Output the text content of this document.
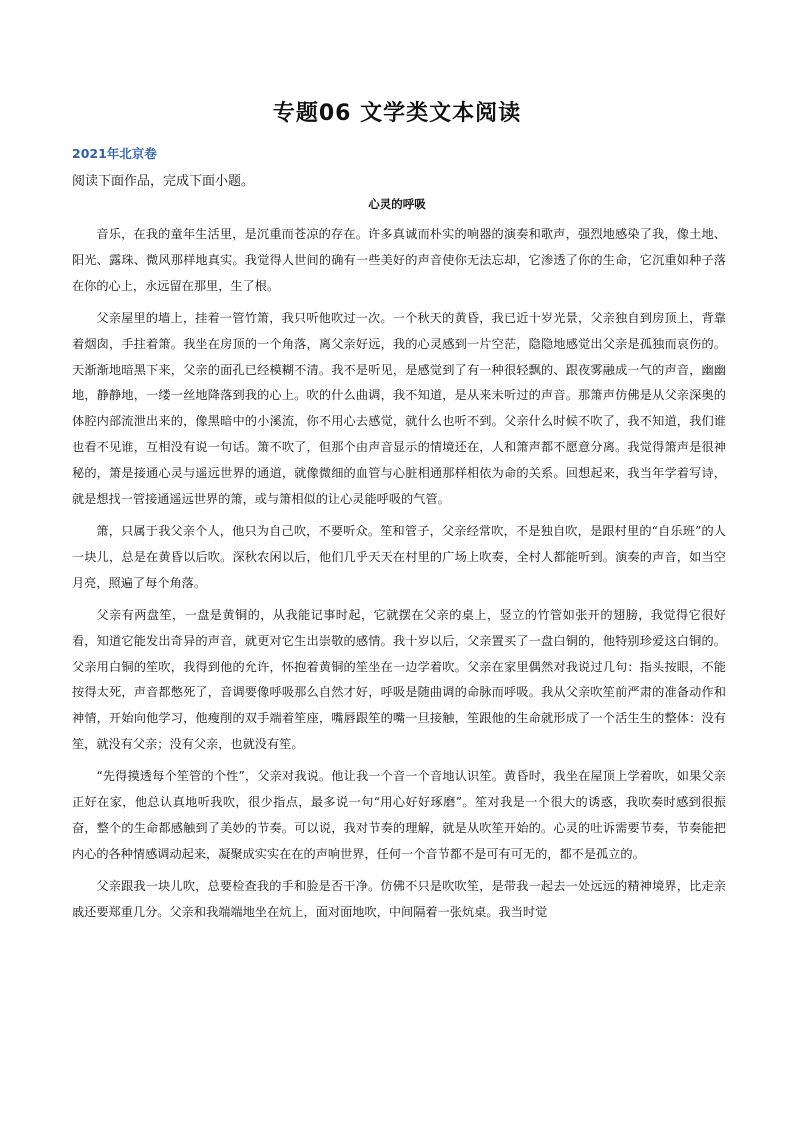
专题06 文学类文本阅读
2021年北京卷
阅读下面作品，完成下面小题。
心灵的呼吸

音乐，在我的童年生活里，是沉重而苍凉的存在。许多真诚而朴实的响器的演奏和歌声，强烈地感染了我，像土地、阳光、露珠、微风那样地真实。我觉得人世间的确有一些美好的声音使你无法忘却，它渗透了你的生命，它沉重如种子落在你的心上，永远留在那里，生了根。

父亲屋里的墙上，挂着一管竹箫，我只听他吹过一次。一个秋天的黄昏，我已近十岁光景，父亲独自到房顶上，背靠着烟囱，手拄着箫。我坐在房顶的一个角落，离父亲好远，我的心灵感到一片空茫，隐隐地感觉出父亲是孤独而哀伤的。天渐渐地暗黑下来，父亲的面孔已经模糊不清。我不是听见，是感觉到了有一种很轻飘的、跟夜雾融成一气的声音，幽幽地，静静地，一缕一丝地降落到我的心上。吹的什么曲调，我不知道，是从来未听过的声音。那箫声仿佛是从父亲深奥的体腔内部流泄出来的，像黑暗中的小溪流，你不用心去感觉，就什么也听不到。父亲什么时候不吹了，我不知道，我们谁也看不见谁，互相没有说一句话。箫不吹了，但那个由声音显示的情境还在，人和箫声都不愿意分离。我觉得箫声是很神秘的，箫是接通心灵与遥远世界的通道，就像微细的血管与心脏相通那样相依为命的关系。回想起来，我当年学着写诗，就是想找一管接通遥远世界的箫，或与箫相似的让心灵能呼吸的气管。

箫，只属于我父亲个人，他只为自己吹，不要听众。笙和管子，父亲经常吹，不是独自吹，是跟村里的“自乐班”的人一块儿，总是在黄昏以后吹。深秋农闲以后，他们几乎天天在村里的广场上吹奏，全村人都能听到。演奏的声音，如当空月亮，照遍了每个角落。

父亲有两盘笙，一盘是黄铜的，从我能记事时起，它就摆在父亲的桌上，竖立的竹管如张开的翅膀，我觉得它很好看，知道它能发出奇异的声音，就更对它生出崇敬的感情。我十岁以后，父亲置买了一盘白铜的，他特别珍爱这白铜的。父亲用白铜的笙吹，我得到他的允许，怀抱着黄铜的笙坐在一边学着吹。父亲在家里偶然对我说过几句：指头按眼，不能按得太死，声音都憋死了，音调要像呼吸那么自然才好，呼吸是随曲调的命脉而呼吸。我从父亲吹笙前严肃的准备动作和神情，开始向他学习，他瘦削的双手端着笙座，嘴唇跟笙的嘴一旦接触，笙跟他的生命就形成了一个活生生的整体：没有笙，就没有父亲；没有父亲，也就没有笙。

“先得摸透每个笙管的个性”，父亲对我说。他让我一个音一个音地认识笙。黄昏时，我坐在屋顶上学着吹，如果父亲正好在家，他总认真地听我吹，很少指点，最多说一句“用心好好琢磨”。笙对我是一个很大的诱惑，我吹奏时感到很振奋，整个的生命都感触到了美妙的节奏。可以说，我对节奏的理解，就是从吹笙开始的。心灵的吐诉需要节奏，节奏能把内心的各种情感调动起来，凝聚成实实在在的声响世界，任何一个音节都不是可有可无的，都不是孤立的。

父亲跟我一块儿吹，总要检查我的手和脸是否干净。仿佛不只是吹吹笙，是带我一起去一处远远的精神境界，比走亲戚还要郑重几分。父亲和我端端地坐在炕上，面对面地吹，中间隔着一张炕桌。我当时觉
